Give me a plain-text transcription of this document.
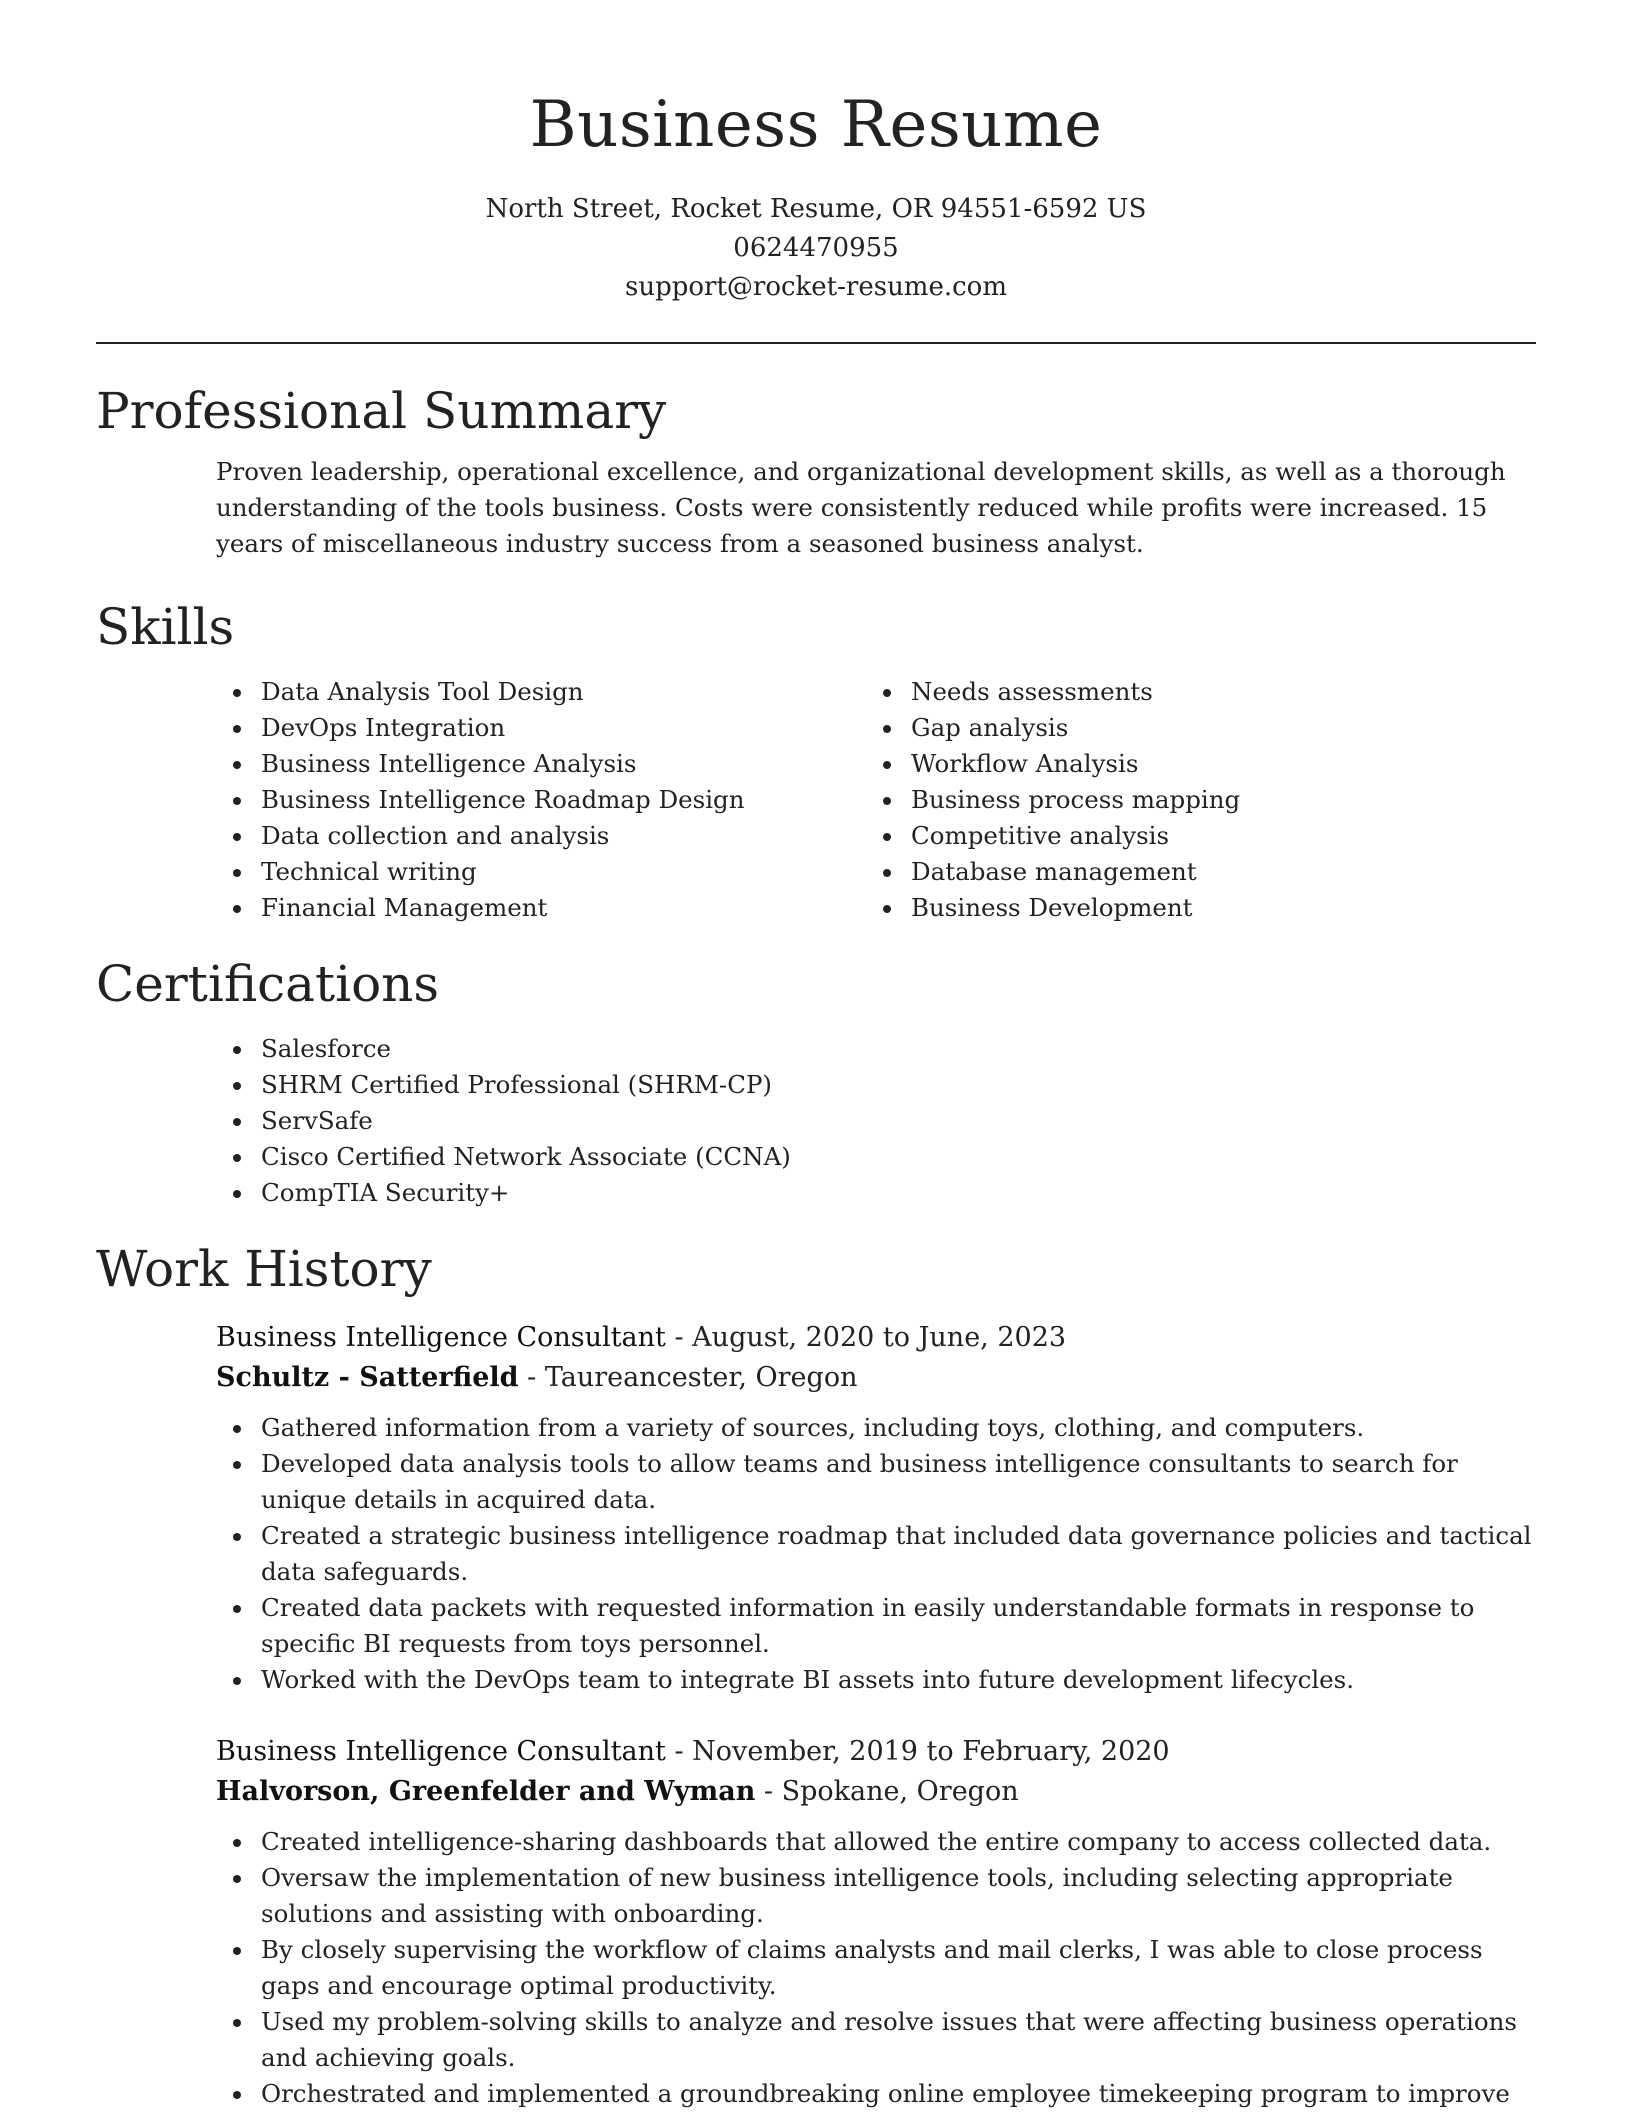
Business Resume

North Street, Rocket Resume, OR 94551-6592 US

0624470955

support@rocket-resume.com

Professional Summary

Proven leadership, operational excellence, and organizational development skills, as well as a thorough understanding of the tools business. Costs were consistently reduced while profits were increased. 15 years of miscellaneous industry success from a seasoned business analyst.

Skills
Data Analysis Tool Design
DevOps Integration
Business Intelligence Analysis
Business Intelligence Roadmap Design
Data collection and analysis
Technical writing
Financial Management
Needs assessments
Gap analysis
Workflow Analysis
Business process mapping
Competitive analysis
Database management
Business Development
Certifications
Salesforce
SHRM Certified Professional (SHRM-CP)
ServSafe
Cisco Certified Network Associate (CCNA)
CompTIA Security+
Work History

Business Intelligence Consultant - August, 2020 to June, 2023

Schultz - Satterfield - Taureancester, Oregon

Gathered information from a variety of sources, including toys, clothing, and computers.
Developed data analysis tools to allow teams and business intelligence consultants to search for unique details in acquired data.
Created a strategic business intelligence roadmap that included data governance policies and tactical data safeguards.
Created data packets with requested information in easily understandable formats in response to specific BI requests from toys personnel.
Worked with the DevOps team to integrate BI assets into future development lifecycles.

Business Intelligence Consultant - November, 2019 to February, 2020

Halvorson, Greenfelder and Wyman - Spokane, Oregon

Created intelligence-sharing dashboards that allowed the entire company to access collected data.
Oversaw the implementation of new business intelligence tools, including selecting appropriate solutions and assisting with onboarding.
By closely supervising the workflow of claims analysts and mail clerks, I was able to close process gaps and encourage optimal productivity.
Used my problem-solving skills to analyze and resolve issues that were affecting business operations and achieving goals.
Orchestrated and implemented a groundbreaking online employee timekeeping program to improve
